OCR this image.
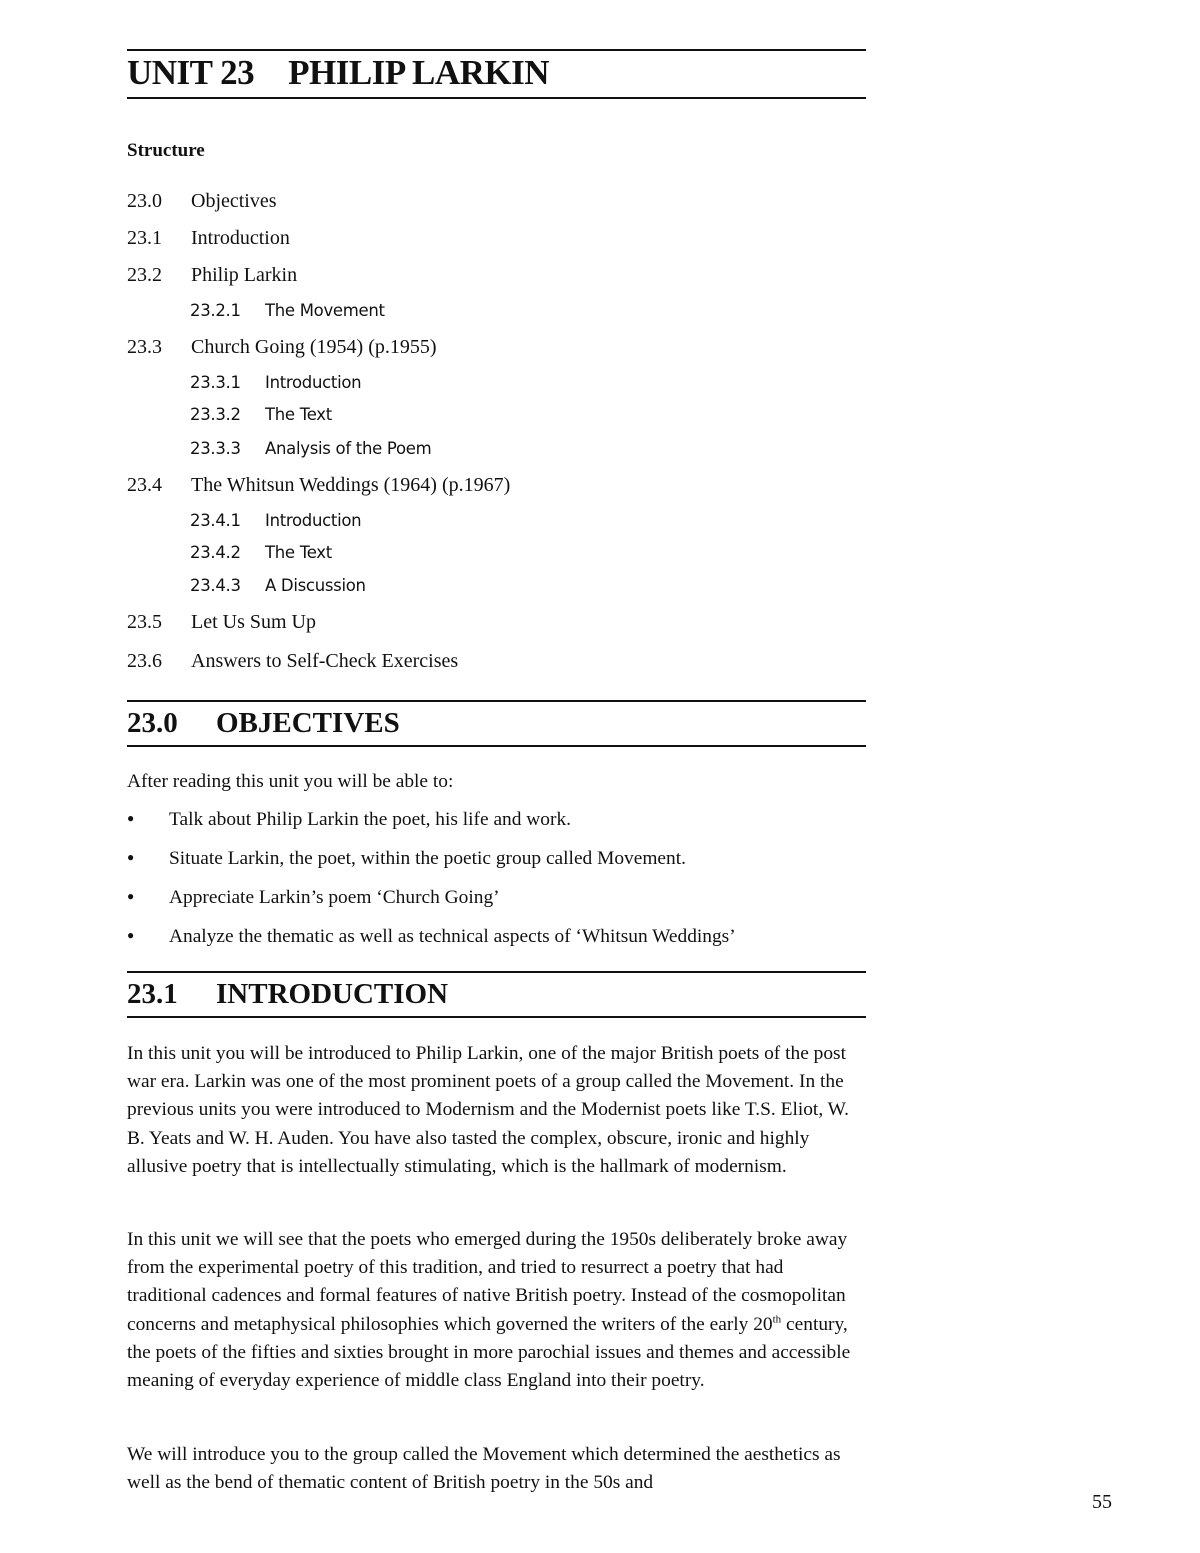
UNIT 23 PHILIP LARKIN

Structure

23.0 Objectives
23.1 Introduction
23.2 Philip Larkin
23.2.1 The Movement
23.3 Church Going (1954) (p.1955)
23.3.1 Introduction
23.3.2 The Text
23.3.3 Analysis of the Poem
23.4 The Whitsun Weddings (1964) (p.1967)
23.4.1 Introduction
23.4.2 The Text
23.4.3 A Discussion
23.5 Let Us Sum Up
23.6 Answers to Self-Check Exercises
23.0 OBJECTIVES

After reading this unit you will be able to:

● Talk about Philip Larkin the poet, his life and work.
● Situate Larkin, the poet, within the poetic group called Movement.
● Appreciate Larkin’s poem ‘Church Going’
● Analyze the thematic as well as technical aspects of ‘Whitsun Weddings’
23.1 INTRODUCTION

In this unit you will be introduced to Philip Larkin, one of the major British poets of the post war era. Larkin was one of the most prominent poets of a group called the Movement. In the previous units you were introduced to Modernism and the Modernist poets like T.S. Eliot, W. B. Yeats and W. H. Auden. You have also tasted the complex, obscure, ironic and highly allusive poetry that is intellectually stimulating, which is the hallmark of modernism.

In this unit we will see that the poets who emerged during the 1950s deliberately broke away from the experimental poetry of this tradition, and tried to resurrect a poetry that had traditional cadences and formal features of native British poetry. Instead of the cosmopolitan concerns and metaphysical philosophies which governed the writers of the early 20th century, the poets of the fifties and sixties brought in more parochial issues and themes and accessible meaning of everyday experience of middle class England into their poetry.

We will introduce you to the group called the Movement which determined the aesthetics as well as the bend of thematic content of British poetry in the 50s and

55
